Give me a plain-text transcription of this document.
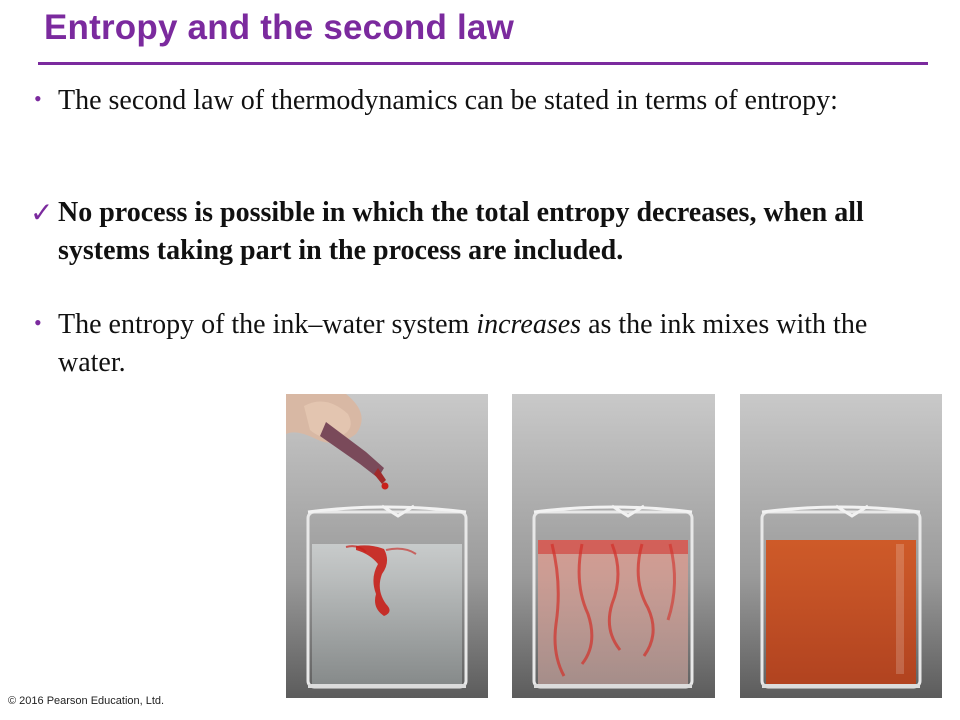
Entropy and the second law
• The second law of thermodynamics can be stated in terms of entropy:
✓ No process is possible in which the total entropy decreases, when all systems taking part in the process are included.
• The entropy of the ink–water system increases as the ink mixes with the water.
© 2016 Pearson Education, Ltd.
